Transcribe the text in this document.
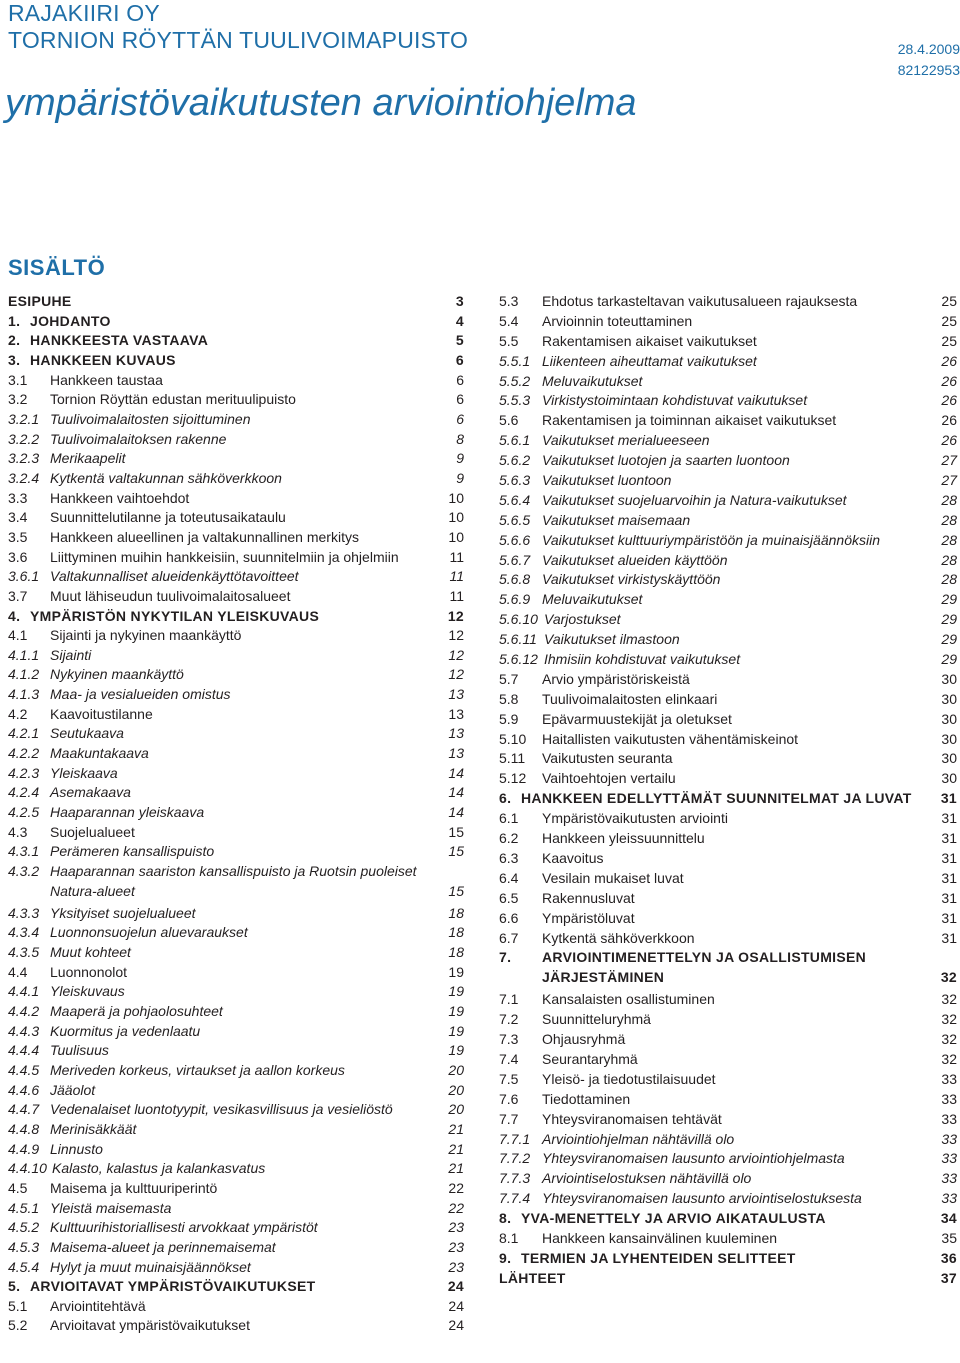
RAJAKIIRI OY
TORNION RÖYTTÄN TUULIVOIMAPUISTO	28.4.2009
82122953
ympäristövaikutusten arviointiohjelma
SISÄLTÖ
ESIPUHE	3
1. JOHDANTO	4
2. HANKKEESTA VASTAAVA	5
3. HANKKEEN KUVAUS	6
3.1 Hankkeen taustaa	6
3.2 Tornion Röyttän edustan merituulipuisto	6
3.2.1 Tuulivoimalaitosten sijoittuminen	6
3.2.2 Tuulivoimalaitoksen rakenne	8
3.2.3 Merikaapelit	9
3.2.4 Kytkentä valtakunnan sähköverkkoon	9
3.3 Hankkeen vaihtoehdot	10
3.4 Suunnittelutilanne ja toteutusaikataulu	10
3.5 Hankkeen alueellinen ja valtakunnallinen merkitys	10
3.6 Liittyminen muihin hankkeisiin, suunnitelmiin ja ohjelmiin	11
3.6.1 Valtakunnalliset alueidenkäyttötavoitteet	11
3.7 Muut lähiseudun tuulivoimalaitosalueet	11
4. YMPÄRISTÖN NYKYTILAN YLEISKUVAUS	12
4.1 Sijainti ja nykyinen maankäyttö	12
4.1.1 Sijainti	12
4.1.2 Nykyinen maankäyttö	12
4.1.3 Maa- ja vesialueiden omistus	13
4.2 Kaavoitustilanne	13
4.2.1 Seutukaava	13
4.2.2 Maakuntakaava	13
4.2.3 Yleiskaava	14
4.2.4 Asemakaava	14
4.2.5 Haaparannan yleiskaava	14
4.3 Suojelualueet	15
4.3.1 Perämeren kansallispuisto	15
4.3.2 Haaparannan saariston kansallispuisto ja Ruotsin puoleiset Natura-alueet	15
4.3.3 Yksityiset suojelualueet	18
4.3.4 Luonnonsuojelun aluevaraukset	18
4.3.5 Muut kohteet	18
4.4 Luonnonolot	19
4.4.1 Yleiskuvaus	19
4.4.2 Maaperä ja pohjaolosuhteet	19
4.4.3 Kuormitus ja vedenlaatu	19
4.4.4 Tuulisuus	19
4.4.5 Meriveden korkeus, virtaukset ja aallon korkeus	20
4.4.6 Jääolot	20
4.4.7 Vedenalaiset luontotyypit, vesikasvillisuus ja vesieliöstö	20
4.4.8 Merinisäkkäät	21
4.4.9 Linnusto	21
4.4.10 Kalasto, kalastus ja kalankasvatus	21
4.5 Maisema ja kulttuuriperintö	22
4.5.1 Yleistä maisemasta	22
4.5.2 Kulttuurihistoriallisesti arvokkaat ympäristöt	23
4.5.3 Maisema-alueet ja perinnemaisemat	23
4.5.4 Hylyt ja muut muinaisjäännökset	23
5. ARVIOITAVAT YMPÄRISTÖVAIKUTUKSET	24
5.1 Arviointitehtävä	24
5.2 Arvioitavat ympäristövaikutukset	24
5.3 Ehdotus tarkasteltavan vaikutusalueen rajauksesta	25
5.4 Arvioinnin toteuttaminen	25
5.5 Rakentamisen aikaiset vaikutukset	25
5.5.1 Liikenteen aiheuttamat vaikutukset	26
5.5.2 Meluvaikutukset	26
5.5.3 Virkistystoimintaan kohdistuvat vaikutukset	26
5.6 Rakentamisen ja toiminnan aikaiset vaikutukset	26
5.6.1 Vaikutukset merialueeseen	26
5.6.2 Vaikutukset luotojen ja saarten luontoon	27
5.6.3 Vaikutukset luontoon	27
5.6.4 Vaikutukset suojeluarvoihin ja Natura-vaikutukset	28
5.6.5 Vaikutukset maisemaan	28
5.6.6 Vaikutukset kulttuuriympäristöön ja muinaisjäännöksiin	28
5.6.7 Vaikutukset alueiden käyttöön	28
5.6.8 Vaikutukset virkistyskäyttöön	28
5.6.9 Meluvaikutukset	29
5.6.10 Varjostukset	29
5.6.11 Vaikutukset ilmastoon	29
5.6.12 Ihmisiin kohdistuvat vaikutukset	29
5.7 Arvio ympäristöriskeistä	30
5.8 Tuulivoimalaitosten elinkaari	30
5.9 Epävarmuustekijät ja oletukset	30
5.10 Haitallisten vaikutusten vähentämiskeinot	30
5.11 Vaikutusten seuranta	30
5.12 Vaihtoehtojen vertailu	30
6. HANKKEEN EDELLYTTÄMÄT SUUNNITELMAT JA LUVAT 31
6.1 Ympäristövaikutusten arviointi	31
6.2 Hankkeen yleissuunnittelu	31
6.3 Kaavoitus	31
6.4 Vesilain mukaiset luvat	31
6.5 Rakennusluvat	31
6.6 Ympäristöluvat	31
6.7 Kytkentä sähköverkkoon	31
7. ARVIOINTIMENETTELYN JA OSALLISTUMISEN JÄRJESTÄMINEN	32
7.1 Kansalaisten osallistuminen	32
7.2 Suunnitteluryhmä	32
7.3 Ohjausryhmä	32
7.4 Seurantaryhmä	32
7.5 Yleisö- ja tiedotustilaisuudet	33
7.6 Tiedottaminen	33
7.7 Yhteysviranomaisen tehtävät	33
7.7.1 Arviointiohjelman nähtävillä olo	33
7.7.2 Yhteysviranomaisen lausunto arviointiohjelmasta	33
7.7.3 Arviointiselostuksen nähtävillä olo	33
7.7.4 Yhteysviranomaisen lausunto arviointiselostuksesta	33
8. YVA-MENETTELY JA ARVIO AIKATAULUSTA	34
8.1 Hankkeen kansainvälinen kuuleminen	35
9. TERMIEN JA LYHENTEIDEN SELITTEET	36
LÄHTEET	37
